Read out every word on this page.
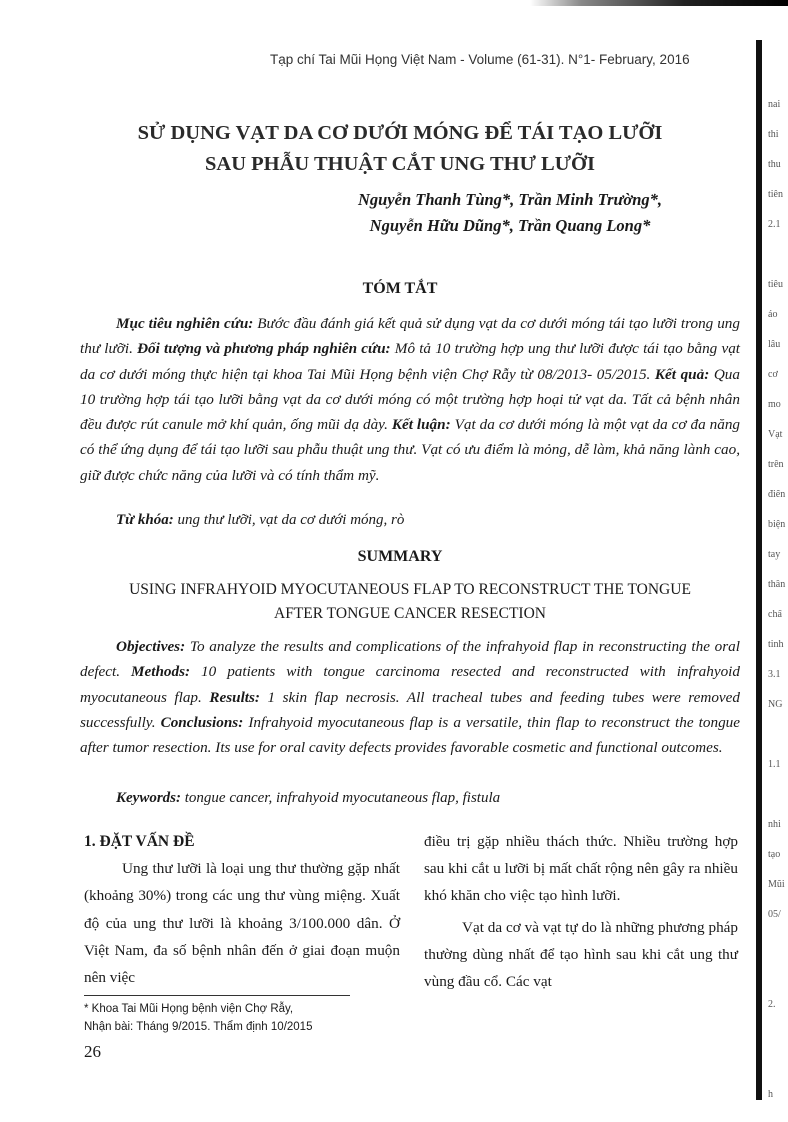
Tạp chí Tai Mũi Họng Việt Nam - Volume (61-31). N°1- February, 2016
nai
thi
thu
tiên
2.1
tiêu
áo
lâu
cơ
mo
Vạt
trên
điển
biện
tay
thần
chấ
tinh
3.1
NG
1.1
nhi
tạo
Mũi
05/
2.
h
SỬ DỤNG VẠT DA CƠ DƯỚI MÓNG ĐỂ TÁI TẠO LƯỠI
SAU PHẪU THUẬT CẮT UNG THƯ LƯỠI
Nguyễn Thanh Tùng*, Trần Minh Trường*,
Nguyễn Hữu Dũng*, Trần Quang Long*
TÓM TẮT

Mục tiêu nghiên cứu: Bước đầu đánh giá kết quả sử dụng vạt da cơ dưới móng tái tạo lưỡi trong ung thư lưỡi. Đối tượng và phương pháp nghiên cứu: Mô tả 10 trường hợp ung thư lưỡi được tái tạo bằng vạt da cơ dưới móng thực hiện tại khoa Tai Mũi Họng bệnh viện Chợ Rẫy từ 08/2013- 05/2015. Kết quả: Qua 10 trường hợp tái tạo lưỡi bằng vạt da cơ dưới móng có một trường hợp hoại tử vạt da. Tất cả bệnh nhân đều được rút canule mở khí quản, ống mũi dạ dày. Kết luận: Vạt da cơ dưới móng là một vạt da cơ đa năng có thể ứng dụng để tái tạo lưỡi sau phẫu thuật ung thư. Vạt có ưu điểm là mỏng, dễ làm, khả năng lành cao, giữ được chức năng của lưỡi và có tính thẩm mỹ.

Từ khóa: ung thư lưỡi, vạt da cơ dưới móng, rò
SUMMARY
USING INFRAHYOID MYOCUTANEOUS FLAP TO RECONSTRUCT THE TONGUE
AFTER TONGUE CANCER RESECTION

Objectives: To analyze the results and complications of the infrahyoid flap in reconstructing the oral defect. Methods: 10 patients with tongue carcinoma resected and reconstructed with infrahyoid myocutaneous flap. Results: 1 skin flap necrosis. All tracheal tubes and feeding tubes were removed successfully. Conclusions: Infrahyoid myocutaneous flap is a versatile, thin flap to reconstruct the tongue after tumor resection. Its use for oral cavity defects provides favorable cosmetic and functional outcomes.

Keywords: tongue cancer, infrahyoid myocutaneous flap, fistula

1. ĐẶT VẤN ĐỀ

Ung thư lưỡi là loại ung thư thường gặp nhất (khoảng 30%) trong các ung thư vùng miệng. Xuất độ của ung thư lưỡi là khoảng 3/100.000 dân. Ở Việt Nam, đa số bệnh nhân đến ở giai đoạn muộn nên việc

điều trị gặp nhiều thách thức. Nhiều trường hợp sau khi cắt u lưỡi bị mất chất rộng nên gây ra nhiều khó khăn cho việc tạo hình lưỡi.

Vạt da cơ và vạt tự do là những phương pháp thường dùng nhất để tạo hình sau khi cắt ung thư vùng đầu cổ. Các vạt

* Khoa Tai Mũi Họng bệnh viện Chợ Rẫy,
Nhận bài: Tháng 9/2015. Thẩm định 10/2015
26
